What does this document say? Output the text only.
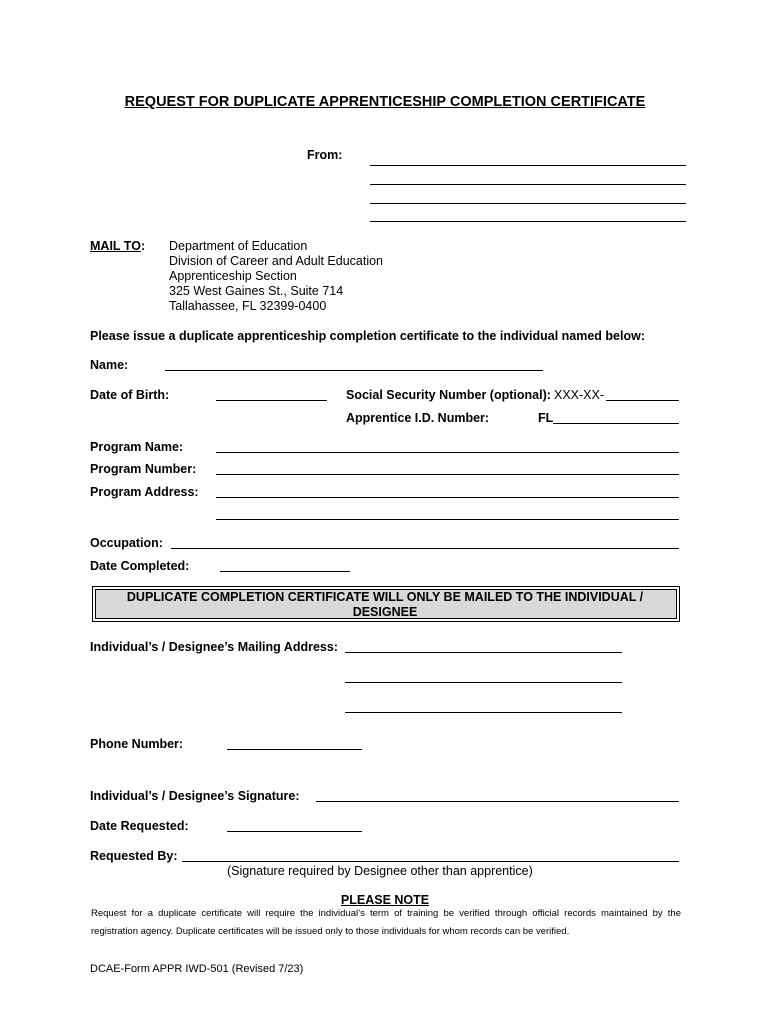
REQUEST FOR DUPLICATE APPRENTICESHIP COMPLETION CERTIFICATE
From:
MAIL TO: Department of Education
Division of Career and Adult Education
Apprenticeship Section
325 West Gaines St., Suite 714
Tallahassee, FL 32399-0400
Please issue a duplicate apprenticeship completion certificate to the individual named below:
Name:
Date of Birth:	Social Security Number (optional): XXX-XX-
Apprentice I.D. Number:	FL
Program Name:
Program Number:
Program Address:
Occupation:
Date Completed:
DUPLICATE COMPLETION CERTIFICATE WILL ONLY BE MAILED TO THE INDIVIDUAL / DESIGNEE
Individual’s / Designee’s Mailing Address:
Phone Number:
Individual’s / Designee’s Signature:
Date Requested:
Requested By:
(Signature required by Designee other than apprentice)
PLEASE NOTE
Request for a duplicate certificate will require the individual’s term of training be verified through official records maintained by the
registration agency. Duplicate certificates will be issued only to those individuals for whom records can be verified.
DCAE-Form APPR IWD-501 (Revised 7/23)
